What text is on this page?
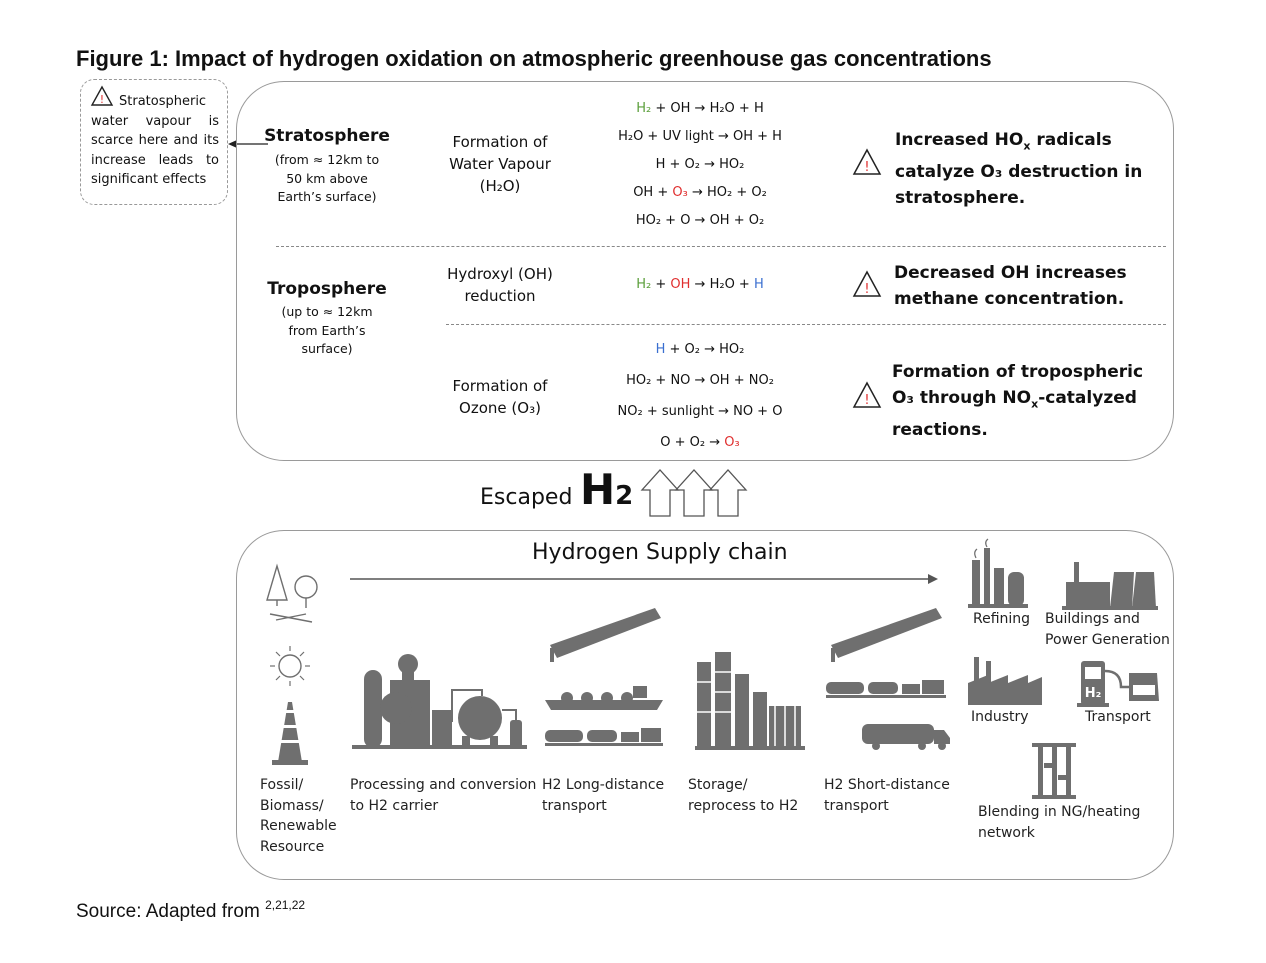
Figure 1: Impact of hydrogen oxidation on atmospheric greenhouse gas concentrations
! Stratospheric water vapour is scarce here and its increase leads to significant effects
Stratosphere
(from ≈ 12km to
50 km above
Earth’s surface)
Formation of
Water Vapour
(H₂O)
H₂ + OH → H₂O + H
H₂O + UV light → OH + H
H + O₂ → HO₂
OH + O₃ → HO₂ + O₂
HO₂ + O → OH + O₂
!
Increased $HO_x$ radicals catalyze O₃ destruction in stratosphere.
Troposphere
(up to ≈ 12km
from Earth’s
surface)
Hydroxyl (OH)
reduction
H₂ + OH → H₂O + H	!
Decreased OH increases methane concentration.
Formation of
Ozone (O₃)
H + O₂ → HO₂
HO₂ + NO → OH + NO₂
NO₂ + sunlight → NO + O
O + O₂ → O₃
!
Formation of tropospheric O₃ through $NO_x$-catalyzed reactions.
Escaped H2
Hydrogen Supply chain
Fossil/
Biomass/
Renewable
Resource
Processing and conversion
to H2 carrier
H2 Long-distance
transport
Storage/
reprocess to H2
H2 Short-distance
transport
Refining Buildings and
Power Generation
Industry
H₂
Transport
Blending in NG/heating
network
Source: Adapted from $^{2,21,22}$
